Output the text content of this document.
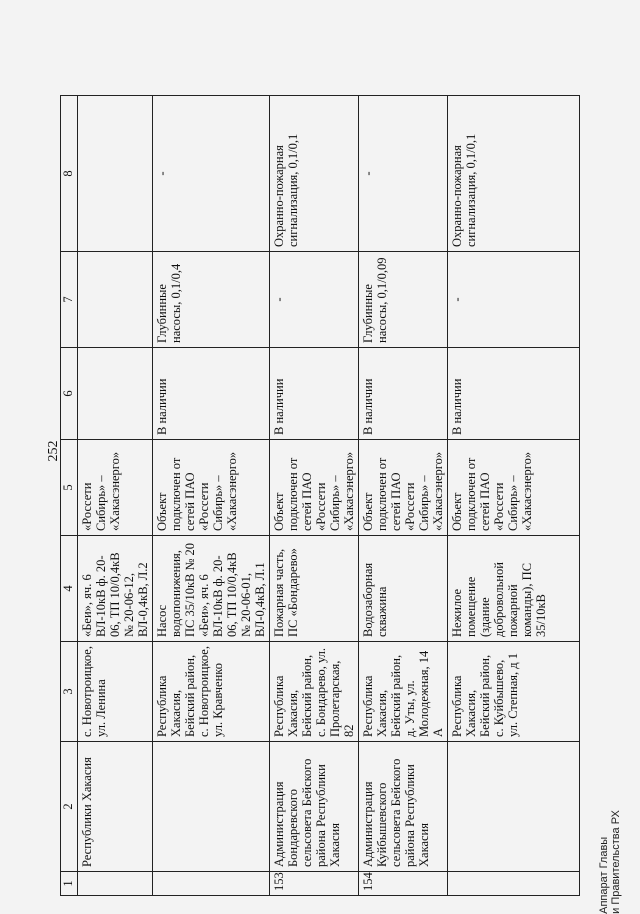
252
1	2	3	4	5	6	7	8
	Республики Хакасия	с. Новотроицкое, ул. Ленина	«Беи», яч. 6 ВЛ-10кВ ф. 20-06, ТП 10/0,4кВ № 20-06-12, ВЛ-0,4кВ, Л.2	«Россети Сибирь» – «Хакасэнерго»			
		Республика Хакасия, Бейский район, с. Новотроицкое, ул. Кравченко	Насос водопонижения, ПС 35/10кВ № 20 «Беи», яч. 6 ВЛ-10кВ ф. 20-06, ТП 10/0,4кВ № 20-06-01, ВЛ-0,4кВ, Л.1	Объект подключен от сетей ПАО «Россети Сибирь» – «Хакасэнерго»	В наличии	Глубинные насосы, 0,1/0,4	-
153	Администрация Бондаревского сельсовета Бейского района Республики Хакасия	Республика Хакасия, Бейский район, с. Бондарево, ул. Пролетарская, 82	Пожарная часть, ПС «Бондарево»	Объект подключен от сетей ПАО «Россети Сибирь» – «Хакасэнерго»	В наличии	-	Охранно-пожарная сигнализация, 0,1/0,1
154	Администрация Куйбышевского сельсовета Бейского района Республики Хакасия	Республика Хакасия, Бейский район, д. Уты, ул. Молодежная, 14 А	Водозаборная скважина	Объект подключен от сетей ПАО «Россети Сибирь» – «Хакасэнерго»	В наличии	Глубинные насосы, 0,1/0,09	-
		Республика Хакасия, Бейский район, с. Куйбышево, ул. Степная, д 1	Нежилое помещение (здание добровольной пожарной команды), ПС 35/10кВ	Объект подключен от сетей ПАО «Россети Сибирь» – «Хакасэнерго»	В наличии	-	Охранно-пожарная сигнализация, 0,1/0,1
Аппарат Главы и Правительства РХ
